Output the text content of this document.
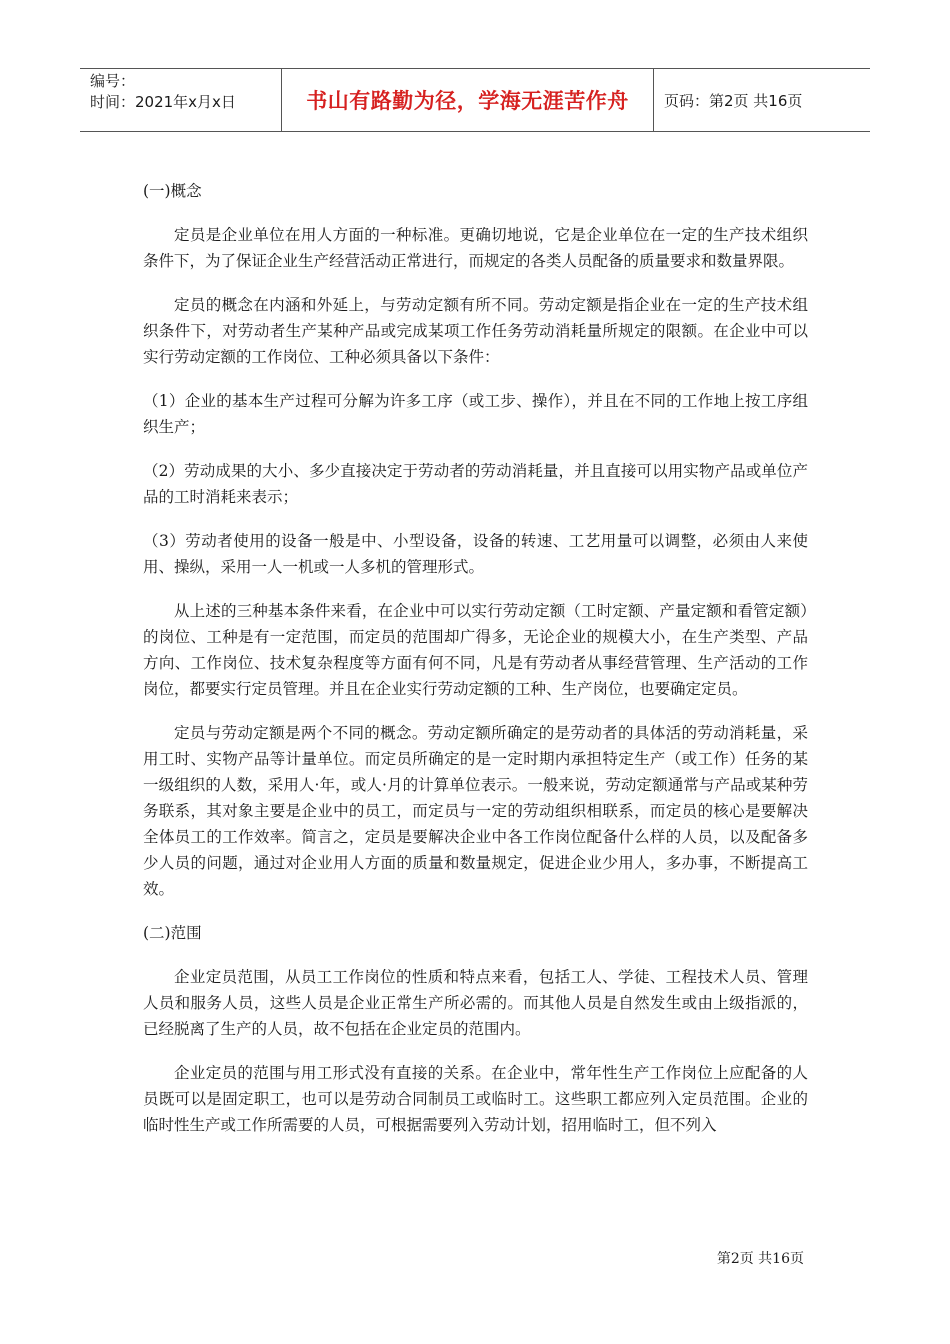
编号：
时间：2021年x月x日	书山有路勤为径，学海无涯苦作舟	页码：第2页 共16页

(一)概念

定员是企业单位在用人方面的一种标准。更确切地说，它是企业单位在一定的生产技术组织条件下，为了保证企业生产经营活动正常进行，而规定的各类人员配备的质量要求和数量界限。

定员的概念在内涵和外延上，与劳动定额有所不同。劳动定额是指企业在一定的生产技术组织条件下，对劳动者生产某种产品或完成某项工作任务劳动消耗量所规定的限额。在企业中可以实行劳动定额的工作岗位、工种必须具备以下条件：

（1）企业的基本生产过程可分解为许多工序（或工步、操作），并且在不同的工作地上按工序组织生产；

（2）劳动成果的大小、多少直接决定于劳动者的劳动消耗量，并且直接可以用实物产品或单位产品的工时消耗来表示；

（3）劳动者使用的设备一般是中、小型设备，设备的转速、工艺用量可以调整，必须由人来使用、操纵，采用一人一机或一人多机的管理形式。

从上述的三种基本条件来看，在企业中可以实行劳动定额（工时定额、产量定额和看管定额）的岗位、工种是有一定范围，而定员的范围却广得多，无论企业的规模大小，在生产类型、产品方向、工作岗位、技术复杂程度等方面有何不同，凡是有劳动者从事经营管理、生产活动的工作岗位，都要实行定员管理。并且在企业实行劳动定额的工种、生产岗位，也要确定定员。

定员与劳动定额是两个不同的概念。劳动定额所确定的是劳动者的具体活的劳动消耗量，采用工时、实物产品等计量单位。而定员所确定的是一定时期内承担特定生产（或工作）任务的某一级组织的人数，采用人·年，或人·月的计算单位表示。一般来说，劳动定额通常与产品或某种劳务联系，其对象主要是企业中的员工，而定员与一定的劳动组织相联系，而定员的核心是要解决全体员工的工作效率。简言之，定员是要解决企业中各工作岗位配备什么样的人员，以及配备多少人员的问题，通过对企业用人方面的质量和数量规定，促进企业少用人，多办事，不断提高工效。

(二)范围

企业定员范围，从员工工作岗位的性质和特点来看，包括工人、学徒、工程技术人员、管理人员和服务人员，这些人员是企业正常生产所必需的。而其他人员是自然发生或由上级指派的，已经脱离了生产的人员，故不包括在企业定员的范围内。

企业定员的范围与用工形式没有直接的关系。在企业中，常年性生产工作岗位上应配备的人员既可以是固定职工，也可以是劳动合同制员工或临时工。这些职工都应列入定员范围。企业的临时性生产或工作所需要的人员，可根据需要列入劳动计划，招用临时工，但不列入

第2页 共16页
